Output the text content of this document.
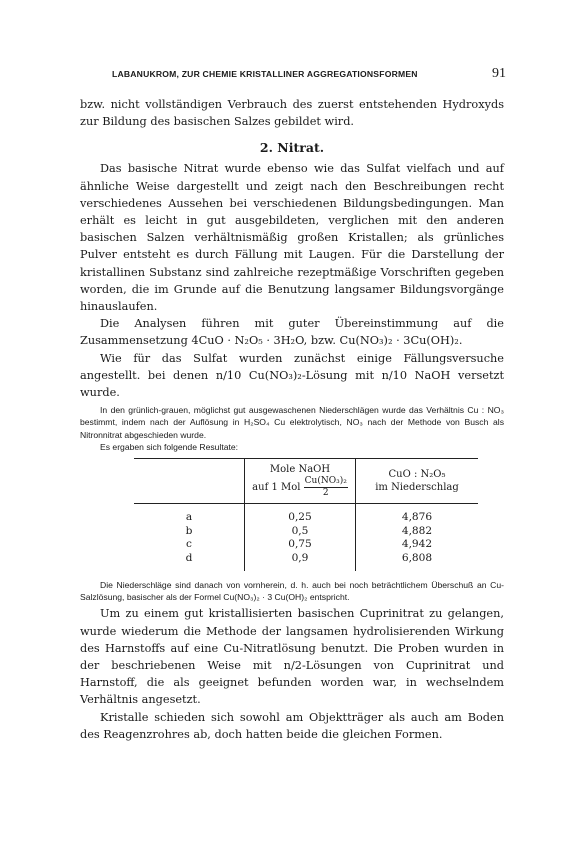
LABANUKROM, ZUR CHEMIE KRISTALLINER AGGREGATIONSFORMEN	91

bzw. nicht vollständigen Verbrauch des zuerst entstehenden Hydroxyds zur Bildung des basischen Salzes gebildet wird.

2. Nitrat.

Das basische Nitrat wurde ebenso wie das Sulfat vielfach und auf ähnliche Weise dargestellt und zeigt nach den Beschreibungen recht verschiedenes Aussehen bei verschiedenen Bildungsbedingungen. Man erhält es leicht in gut ausgebildeten, verglichen mit den anderen basischen Salzen verhältnismäßig großen Kristallen; als grünliches Pulver entsteht es durch Fällung mit Laugen. Für die Darstellung der kristallinen Substanz sind zahlreiche rezeptmäßige Vorschriften gegeben worden, die im Grunde auf die Benutzung langsamer Bildungsvorgänge hinauslaufen.

Die Analysen führen mit guter Übereinstimmung auf die Zusammensetzung 4CuO · N₂O₅ · 3H₂O, bzw. Cu(NO₃)₂ · 3Cu(OH)₂.

Wie für das Sulfat wurden zunächst einige Fällungsversuche angestellt. bei denen n/10 Cu(NO₃)₂-Lösung mit n/10 NaOH versetzt wurde.

In den grünlich-grauen, möglichst gut ausgewaschenen Niederschlägen wurde das Verhältnis Cu : NO₃ bestimmt, indem nach der Auflösung in H₂SO₄ Cu elektrolytisch, NO₃ nach der Methode von Busch als Nitronnitrat abgeschieden wurde.

Es ergaben sich folgende Resultate:

	Mole NaOH
auf 1 Mol $\frac{\text{Cu(NO₃)₂}}{2}$	CuO : N₂O₅
im Niederschlag
a	0,25	4,876
b	0,5	4,882
c	0,75	4,942
d	0,9	6,808

Die Niederschläge sind danach von vornherein, d. h. auch bei noch beträchtlichem Überschuß an Cu-Salzlösung, basischer als der Formel Cu(NO₃)₂ · 3 Cu(OH)₂ entspricht.

Um zu einem gut kristallisierten basischen Cuprinitrat zu gelangen, wurde wiederum die Methode der langsamen hydrolisierenden Wirkung des Harnstoffs auf eine Cu-Nitratlösung benutzt. Die Proben wurden in der beschriebenen Weise mit n/2-Lösungen von Cuprinitrat und Harnstoff, die als geeignet befunden worden war, in wechselndem Verhältnis angesetzt.

Kristalle schieden sich sowohl am Objektträger als auch am Boden des Reagenzrohres ab, doch hatten beide die gleichen Formen.
